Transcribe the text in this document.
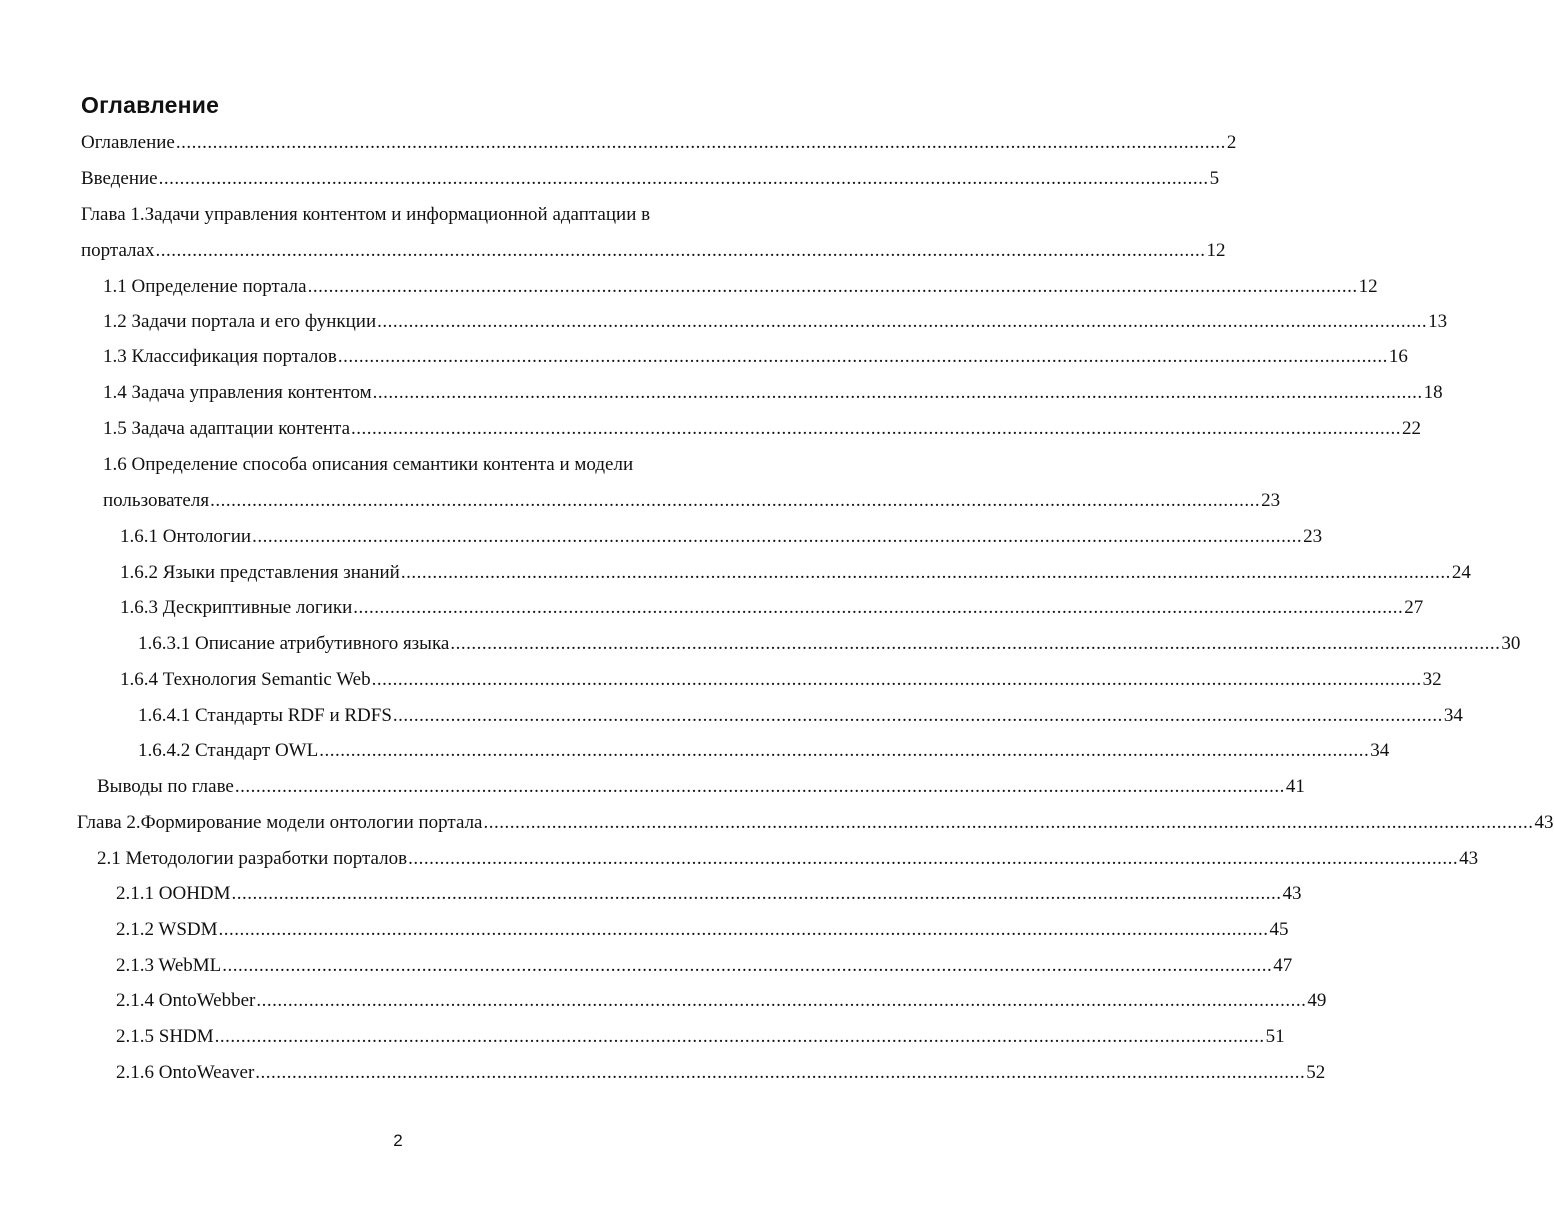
Оглавление
Глава 1.Задачи управления контентом и информационной адаптации в
1.6 Определение способа описания семантики контента и модели
Оглавление ........................................................................................................................................................................................................ 2
Введение ........................................................................................................................................................................................................ 5
порталах ........................................................................................................................................................................................................ 12
1.1 Определение портала ........................................................................................................................................................................................................ 12
1.2 Задачи портала и его функции ........................................................................................................................................................................................................ 13
1.3 Классификация порталов ........................................................................................................................................................................................................ 16
1.4 Задача управления контентом ........................................................................................................................................................................................................ 18
1.5 Задача адаптации контента ........................................................................................................................................................................................................ 22
пользователя ........................................................................................................................................................................................................ 23
1.6.1 Онтологии ........................................................................................................................................................................................................ 23
1.6.2 Языки представления знаний ........................................................................................................................................................................................................ 24
1.6.3 Дескриптивные логики ........................................................................................................................................................................................................ 27
1.6.3.1 Описание атрибутивного языка ........................................................................................................................................................................................................ 30
1.6.4 Технология Semantic Web ........................................................................................................................................................................................................ 32
1.6.4.1 Стандарты RDF и RDFS ........................................................................................................................................................................................................ 34
1.6.4.2 Стандарт OWL ........................................................................................................................................................................................................ 34
Выводы по главе ........................................................................................................................................................................................................ 41
Глава 2.Формирование модели онтологии портала ........................................................................................................................................................................................................ 43
2.1 Методологии разработки порталов ........................................................................................................................................................................................................ 43
2.1.1 OOHDM ........................................................................................................................................................................................................ 43
2.1.2 WSDM ........................................................................................................................................................................................................ 45
2.1.3 WebML ........................................................................................................................................................................................................ 47
2.1.4 OntoWebber ........................................................................................................................................................................................................ 49
2.1.5 SHDM ........................................................................................................................................................................................................ 51
2.1.6 OntoWeaver ........................................................................................................................................................................................................ 52
2
